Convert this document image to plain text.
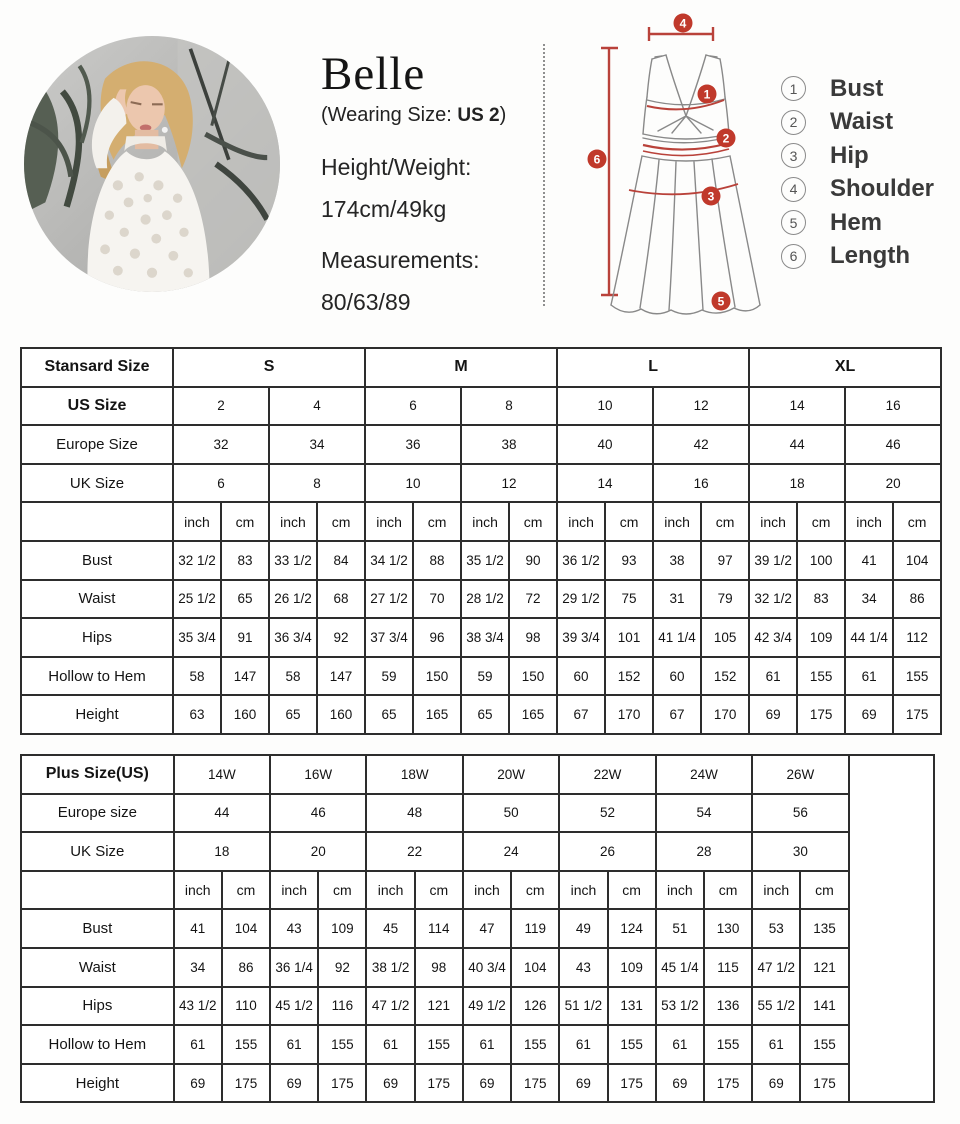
Belle
(Wearing Size: US 2)
Height/Weight:
174cm/49kg
Measurements:
80/63/89
4
1
2
3
5
6
1	Bust
2	Waist
3	Hip
4	Shoulder
5	Hem
6	Length
Stansard Size	S				M				L				XL			
US Size	2		4		6		8		10		12		14		16	
Europe Size	32		34		36		38		40		42		44		46	
UK Size	6		8		10		12		14		16		18		20	
	inch	cm	inch	cm	inch	cm	inch	cm	inch	cm	inch	cm	inch	cm	inch	cm
Bust	32 1/2	83	33 1/2	84	34 1/2	88	35 1/2	90	36 1/2	93	38	97	39 1/2	100	41	104
Waist	25 1/2	65	26 1/2	68	27 1/2	70	28 1/2	72	29 1/2	75	31	79	32 1/2	83	34	86
Hips	35 3/4	91	36 3/4	92	37 3/4	96	38 3/4	98	39 3/4	101	41 1/4	105	42 3/4	109	44 1/4	112
Hollow to Hem	58	147	58	147	59	150	59	150	60	152	60	152	61	155	61	155
Height	63	160	65	160	65	165	65	165	67	170	67	170	69	175	69	175
Plus Size(US)	14W		16W		18W		20W		22W		24W		26W		
Europe size	44		46		48		50		52		54		56		
UK Size	18		20		22		24		26		28		30		
	inch	cm	inch	cm	inch	cm	inch	cm	inch	cm	inch	cm	inch	cm	
Bust	41	104	43	109	45	114	47	119	49	124	51	130	53	135	
Waist	34	86	36 1/4	92	38 1/2	98	40 3/4	104	43	109	45 1/4	115	47 1/2	121	
Hips	43 1/2	110	45 1/2	116	47 1/2	121	49 1/2	126	51 1/2	131	53 1/2	136	55 1/2	141	
Hollow to Hem	61	155	61	155	61	155	61	155	61	155	61	155	61	155	
Height	69	175	69	175	69	175	69	175	69	175	69	175	69	175	
